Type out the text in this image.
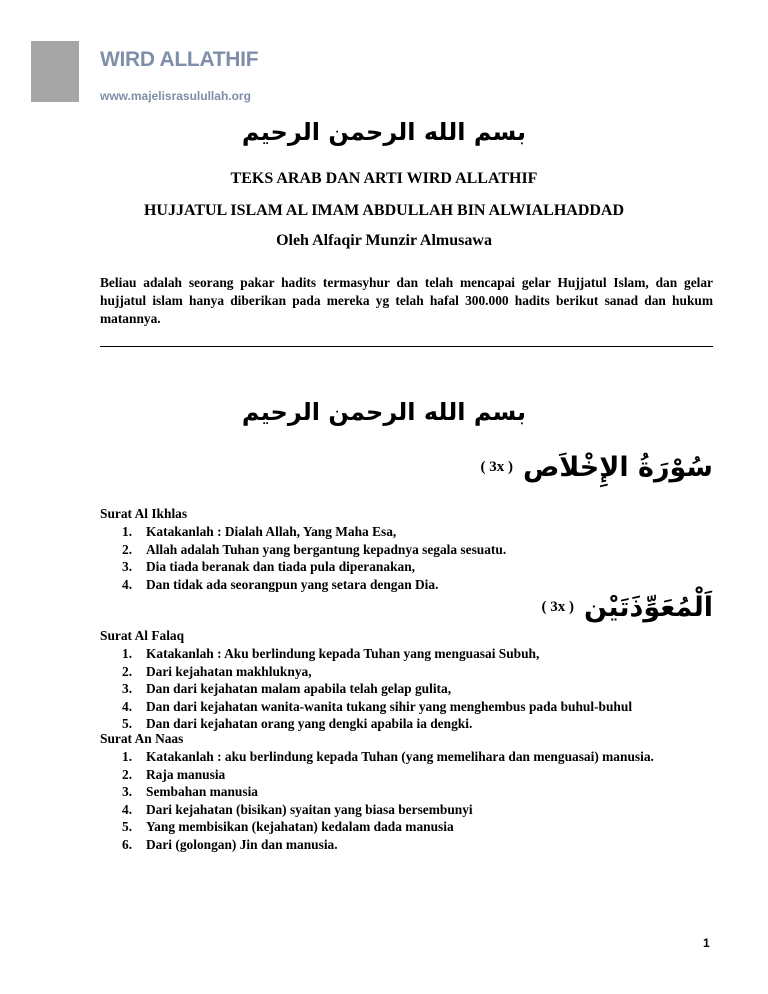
WIRD ALLATHIF
www.majelisrasulullah.org
بسم الله الرحمن الرحيم
TEKS ARAB DAN ARTI WIRD ALLATHIF
HUJJATUL ISLAM AL IMAM ABDULLAH BIN ALWIALHADDAD
Oleh Alfaqir Munzir Almusawa
Beliau adalah seorang pakar hadits termasyhur dan telah mencapai gelar Hujjatul Islam, dan gelar hujjatul islam hanya diberikan pada mereka yg telah hafal 300.000 hadits berikut sanad dan hukum matannya.
بسم الله الرحمن الرحيم
( 3x ) سُوْرَةُ الإِخْلاَص
Surat Al Ikhlas
1. Katakanlah : Dialah Allah, Yang Maha Esa,
2. Allah adalah Tuhan yang bergantung kepadnya segala sesuatu.
3. Dia tiada beranak dan tiada pula diperanakan,
4. Dan tidak ada seorangpun yang setara dengan Dia.
( 3x ) اَلْمُعَوِّذَتَيْن
Surat Al Falaq
1. Katakanlah : Aku berlindung kepada Tuhan yang menguasai Subuh,
2. Dari kejahatan makhluknya,
3. Dan dari kejahatan malam apabila telah gelap gulita,
4. Dan dari kejahatan wanita-wanita tukang sihir yang menghembus pada buhul-buhul
5. Dan dari kejahatan orang yang dengki apabila ia dengki.
Surat An Naas
1. Katakanlah : aku berlindung kepada Tuhan (yang memelihara dan menguasai) manusia.
2. Raja manusia
3. Sembahan manusia
4. Dari kejahatan (bisikan) syaitan yang biasa bersembunyi
5. Yang membisikan (kejahatan) kedalam dada manusia
6. Dari (golongan) Jin dan manusia.
1
